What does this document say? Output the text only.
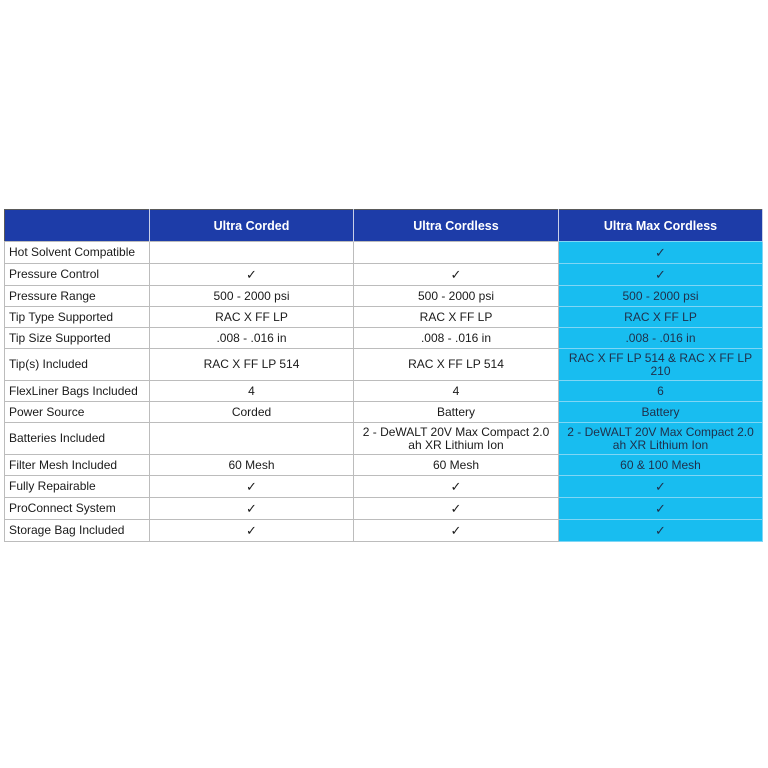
	Ultra Corded	Ultra Cordless	Ultra Max Cordless
Hot Solvent Compatible			✓
Pressure Control	✓	✓	✓
Pressure Range	500 - 2000 psi	500 - 2000 psi	500 - 2000 psi
Tip Type Supported	RAC X FF LP	RAC X FF LP	RAC X FF LP
Tip Size Supported	.008 - .016 in	.008 - .016 in	.008 - .016 in
Tip(s) Included	RAC X FF LP 514	RAC X FF LP 514	RAC X FF LP 514 & RAC X FF LP 210
FlexLiner Bags Included	4	4	6
Power Source	Corded	Battery	Battery
Batteries Included		2 - DeWALT 20V Max Compact 2.0 ah XR Lithium Ion	2 - DeWALT 20V Max Compact 2.0 ah XR Lithium Ion
Filter Mesh Included	60 Mesh	60 Mesh	60 & 100 Mesh
Fully Repairable	✓	✓	✓
ProConnect System	✓	✓	✓
Storage Bag Included	✓	✓	✓
